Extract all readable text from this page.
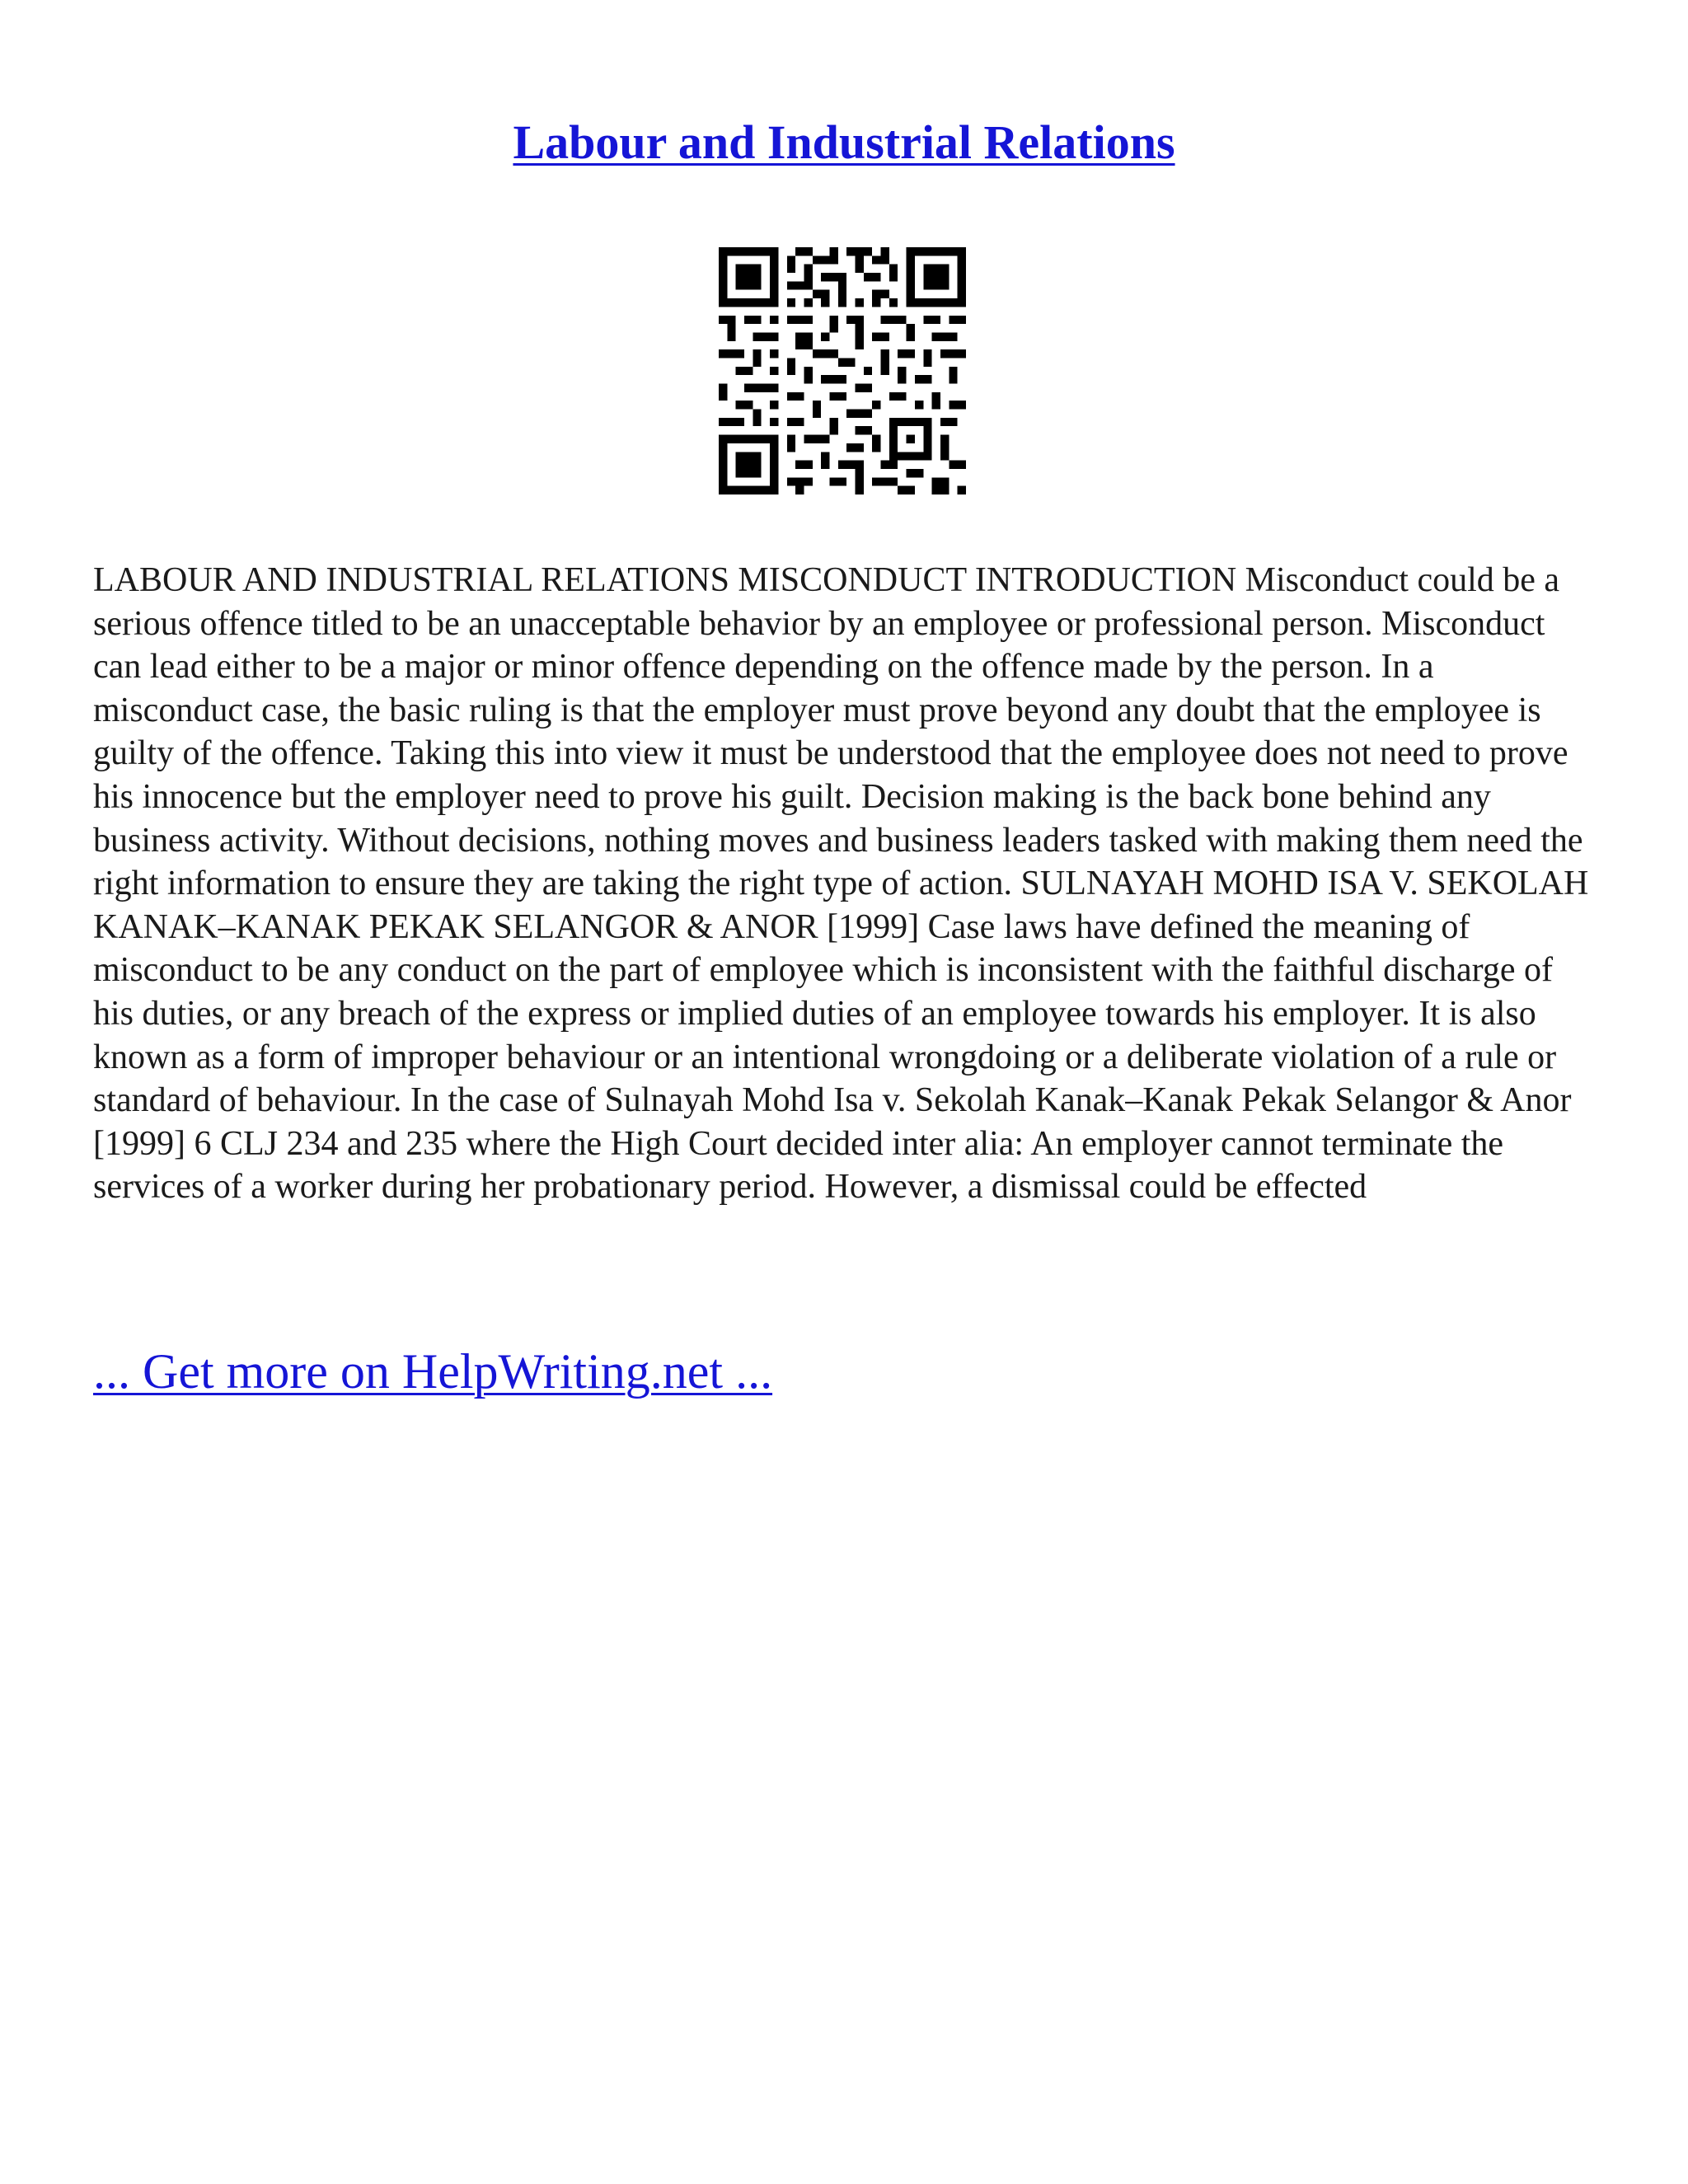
Labour and Industrial Relations

LABOUR AND INDUSTRIAL RELATIONS MISCONDUCT INTRODUCTION Misconduct could be a serious offence titled to be an unacceptable behavior by an employee or professional person. Misconduct can lead either to be a major or minor offence depending on the offence made by the person. In a misconduct case, the basic ruling is that the employer must prove beyond any doubt that the employee is guilty of the offence. Taking this into view it must be understood that the employee does not need to prove his innocence but the employer need to prove his guilt. Decision making is the back bone behind any business activity. Without decisions, nothing moves and business leaders tasked with making them need the right information to ensure they are taking the right type of action. SULNAYAH MOHD ISA V. SEKOLAH KANAK–KANAK PEKAK SELANGOR & ANOR [1999] Case laws have defined the meaning of misconduct to be any conduct on the part of employee which is inconsistent with the faithful discharge of his duties, or any breach of the express or implied duties of an employee towards his employer. It is also known as a form of improper behaviour or an intentional wrongdoing or a deliberate violation of a rule or standard of behaviour. In the case of Sulnayah Mohd Isa v. Sekolah Kanak–Kanak Pekak Selangor & Anor [1999] 6 CLJ 234 and 235 where the High Court decided inter alia: An employer cannot terminate the services of a worker during her probationary period. However, a dismissal could be effected

... Get more on HelpWriting.net ...
